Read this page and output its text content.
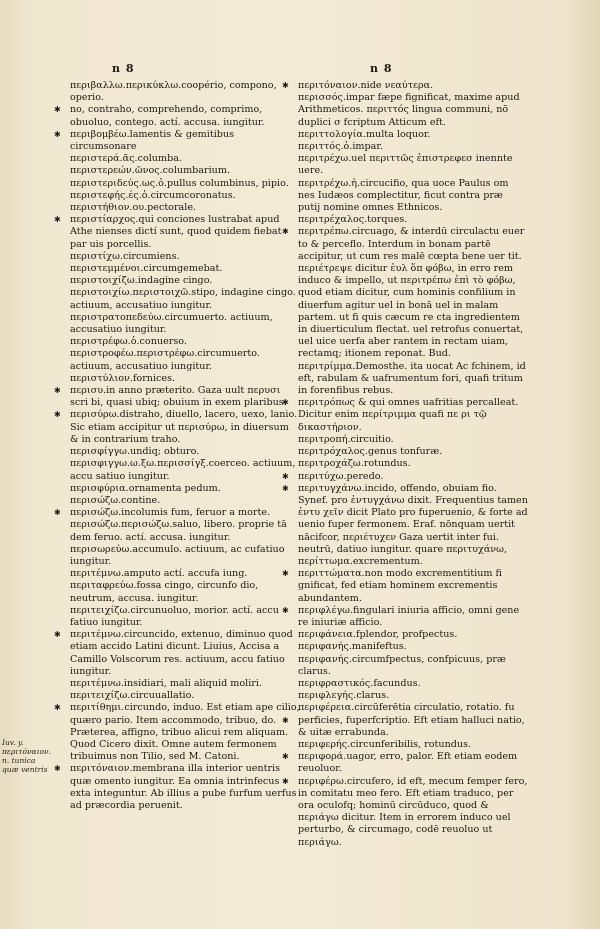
n 8	n 8

περιβαλλω.περικύκλω.coopério, compono, operio.

✱ no, contraho, comprehendo, comprimo, obuoluo, contego. actí. accusa. iungitur.

✱ περιβομβέω.lamentis & gemitibus circumsonare

περιστερά.ᾶς.columba.

περιστερεών.ῶνος.columbarium.

περιστεριδεύς.ως.ὁ.pullus columbinus, pipio.

περιστεφής.ές.ὁ.circumcoronatus.

περιστήθιον.ου.pectorale.

✱ περιστίαρχος.qui conciones lustrabat apud Athe nienses dictí sunt, quod quidem fiebat par uis porcellis.

περιστίχω.circumiens.

περιστεμμένοι.circumgemebat.

περιστοιχίζω.indagine cingo.

περιστοιχίω.περιστοιχῶ.stipo, indagine cingo. actiuum, accusatiuo iungitur.

περιστρατοπεδεύω.circumuerto. actiuum, accusatiuo iungitur.

περιστρέφω.ὁ.conuerso.

περιστροφέω.περιστρέφω.circumuerto. actiuum, accusatiuo iungitur.

περιστύλιον.fornices.

✱ περισυ.in anno præterito. Gaza uult περυσι scri bi, quasi ubiq; obuium in exem plaribus.

✱ περισύρω.distraho, diuello, lacero, uexo, lanio. Sic etiam accipitur ut περισύρω, in diuersum & in contrarium traho.

περισφίγγω.undiq; obturo.

περισφιγγω.ω.ξω.περισσίγξ.coerceo. actiuum, accu satiuo iungitur.

περισφύρια.ornamenta pedum.

περισώζω.contine.

✱ περισώζω.incolumis fum, feruor a morte.

περισώζω.περισώζω.saluo, libero. proprie tā dem feruo. actí. accusa. iungitur.

περισωρεύω.accumulo. actiuum, ac cufatiuo iungitur.

περιτέμνω.amputo actí. accufa iung.

περιταφρεύω.fossa cingo, circunfo dio, neutrum, accusa. iungitur.

περιτειχίζω.circunuoluo, morior. actí. accu fatiuo iungitur.

✱ περιτέμνω.circuncido, extenuo, diminuo quod etiam accido Latini dicunt. Liuius, Accisa a Camillo Volscorum res. actiuum, accu fatiuo iungitur.

περιτέμνω.insidiari, mali aliquid moliri.

περιτειχίζω.circuuallatio.

✱ περιτίθημι.circundo, induo. Est etiam ape cilio, quæro pario. Item accommodo, tribuo, do. Præterea, affigno, tribuo alicui rem aliquam. Quod Cicero dixit. Omne autem fermonem tribuimus non Tilio, sed M. Catoni.

✱ περιτόναιον.membrana illa interior uentris quæ omento iungitur. Ea omnia intrinfecus exta integuntur. Ab illius a pube furfum uerfus ad præcordia peruenit.

✱ περιτόναιον.nide νεαύτερα.

περισσός.impar fæpe fignificat, maxime apud Arithmeticos. περιττός lingua communi, nō duplici σ fcriptum Atticum eft.

περιττολογία.multa loquor.

περιττός.ὁ.impar.

περιτρέχω.uel περιττῶς ἐπιστρεφεσ inennte uere.

περιτρέχω.ἡ.circucifio, qua uoce Paulus om nes Iudæos complectitur, ficut contra præ putij nomine omnes Ethnicos.

περιτρέχαλος.torques.

✱ περιτρέπω.circuago, & interdū circulactu euer to & perceflo. Interdum in bonam partē accipitur, ut cum res malē cœpta bene uer tit. περιέτρεψε dicitur ἐυλ ὅπ φόβω, in erro rem induco & impello, ut περιτρέπω ἐπὶ τὸ φόβω, quod etiam dicitur, cum hominis confilium in diuerfum agitur uel in bonā uel in malam partem. ut fi quis cæcum re cta ingredientem in diuerticulum flectat. uel retrofus conuertat, uel uice uerfa aber rantem in rectam uiam, rectamq; itionem reponat. Bud.

περιτρίμμα.Demosthe. ita uocat Ac fchinem, id eft, rabulam & uafrumentum fori, quafi tritum in forenfibus rebus.

✱ περιτρόπως & qui omnes uafritias percalleat. Dicitur enim περίτριμμα quafi πε ρι τῷ δικαστήριον.

περιτροπή.circuitio.

περιτρόχαλος.genus tonfuræ.

περιτροχάζω.rotundus.

✱ περιτύχω.peredo.

✱ περιτυγχάνω.incido, offendo, obuiam fio. Synef. pro ἐντυγχάνω dixit. Frequentius tamen ἐντυ χεῖν dicit Plato pro fuperuenio, & forte ad uenio fuper fermonem. Eraf. nōnquam uertit nācifcor, περιέτυχεν Gaza uertit inter fui. neutrū, datiuo iungitur. quare περιτυχάνω, περίττωμα.excrementum.

✱ περιττώματα.non modo excrementitium fi gnificat, fed etiam hominem excrementis abundantem.

✱ περιφλέγω.fingulari iniuria afficio, omni gene re iniuriæ afficio.

περιφάνεια.fplendor, profpectus.

περιφανής.manifeftus.

περιφανής.circumfpectus, confpicuus, præ clarus.

περιφραστικός.facundus.

περιφλεγής.clarus.

περιφέρεια.circūferētia circulatio, rotatio. fu

✱ perficies, fuperfcriptio. Eft etiam halluci natio, & uitæ errabunda.

περιφερής.circunferibilis, rotundus.

✱ περιφορά.uagor, erro, palor. Eft etiam eodem reuoluor.

✱ περιφέρω.circufero, id eft, mecum femper fero, in comitatu meo fero. Eft etiam traduco, per ora oculofq; hominū circūduco, quod & περιάγω dicitur. Item in errorem induco uel perturbo, & circumago, codē reuoluo ut περιάγω.

Iuv. y. περιτόναιον. n. tunica quæ ventris
